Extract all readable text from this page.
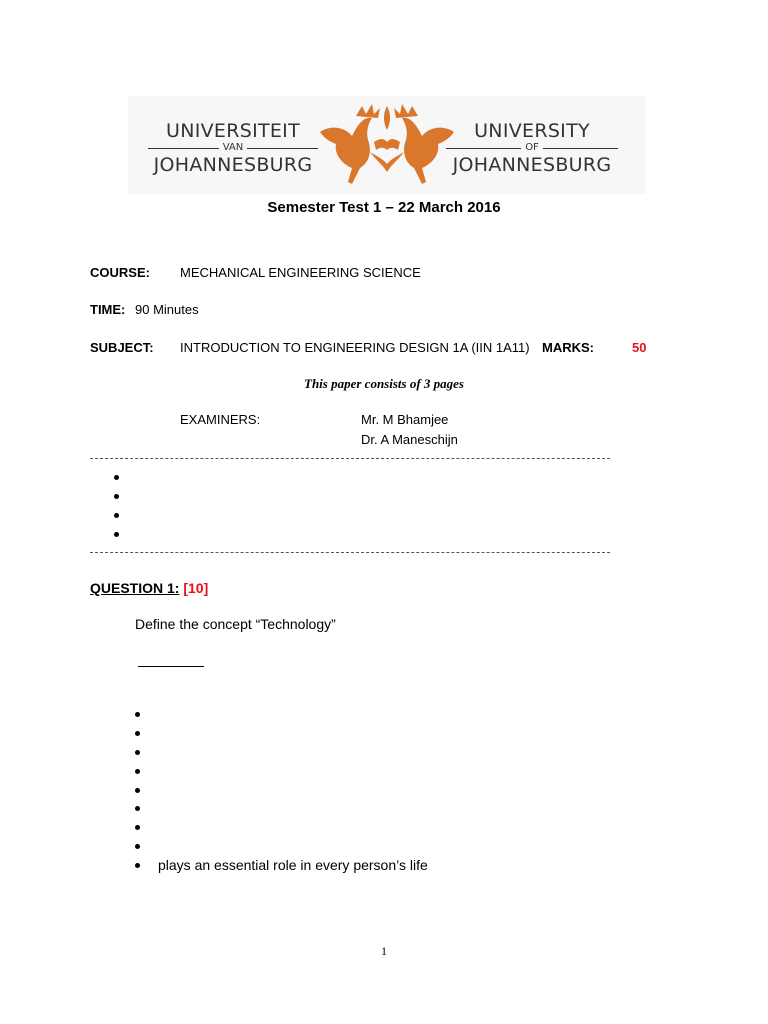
UNIVERSITEIT
VAN
JOHANNESBURG
UNIVERSITY
OF
JOHANNESBURG
Semester Test 1 – 22 March 2016
COURSE: MECHANICAL ENGINEERING SCIENCE
TIME: 90 Minutes
SUBJECT: INTRODUCTION TO ENGINEERING DESIGN 1A (IIN 1A11) MARKS:	50
This paper consists of 3 pages
EXAMINERS:	Mr. M Bhamjee
Dr. A Maneschijn
QUESTION 1: [10]
Define the concept “Technology”
plays an essential role in every person’s life
1
